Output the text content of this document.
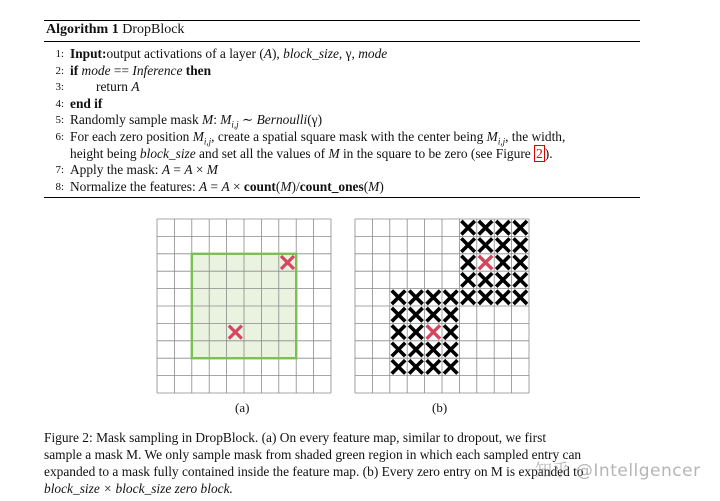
Algorithm 1 DropBlock
1: Input:output activations of a layer (A), block_size, γ, mode
2: if mode == Inference then
3: return A
4: end if
5: Randomly sample mask M: $M_{i,j}$ ∼ Bernoulli(γ)
6: For each zero position $M_{i,j}$, create a spatial square mask with the center being $M_{i,j}$, the width,
height being block_size and set all the values of M in the square to be zero (see Figure 2 ).
7: Apply the mask: A = A × M
8: Normalize the features: A = A × count(M)/count_ones(M)
(a)	(b)
Figure 2: Mask sampling in DropBlock. (a) On every feature map, similar to dropout, we first
sample a mask M. We only sample mask from shaded green region in which each sampled entry can
expanded to a mask fully contained inside the feature map. (b) Every zero entry on M is expanded to
block_size × block_size zero block.
知乎 @Intellgencer
